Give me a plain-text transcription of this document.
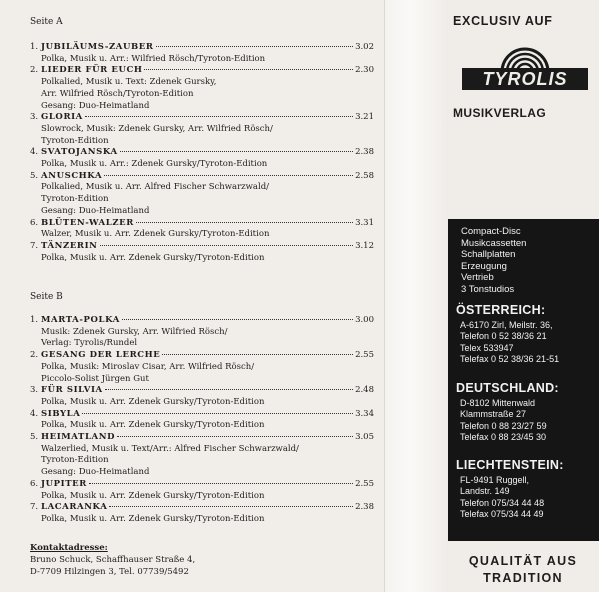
Seite A
1. JUBILÄUMS-ZAUBER	3.02
Polka, Musik u. Arr.: Wilfried Rösch/Tyroton-Edition
2. LIEDER FÜR EUCH	2.30
Polkalied, Musik u. Text: Zdenek Gursky,
Arr. Wilfried Rösch/Tyroton-Edition
Gesang: Duo-Heimatland
3. GLORIA	3.21
Slowrock, Musik: Zdenek Gursky, Arr. Wilfried Rösch/
Tyroton-Edition
4. SVATOJANSKA	2.38
Polka, Musik u. Arr.: Zdenek Gursky/Tyroton-Edition
5. ANUSCHKA	2.58
Polkalied, Musik u. Arr. Alfred Fischer Schwarzwald/
Tyroton-Edition
Gesang: Duo-Heimatland
6. BLÜTEN-WALZER	3.31
Walzer, Musik u. Arr. Zdenek Gursky/Tyroton-Edition
7. TÄNZERIN	3.12
Polka, Musik u. Arr. Zdenek Gursky/Tyroton-Edition
Seite B
1. MARTA-POLKA	3.00
Musik: Zdenek Gursky, Arr. Wilfried Rösch/
Verlag: Tyrolis/Rundel
2. GESANG DER LERCHE	2.55
Polka, Musik: Miroslav Cisar, Arr. Wilfried Rösch/
Piccolo-Solist Jürgen Gut
3. FÜR SILVIA	2.48
Polka, Musik u. Arr. Zdenek Gursky/Tyroton-Edition
4. SIBYLA	3.34
Polka, Musik u. Arr. Zdenek Gursky/Tyroton-Edition
5. HEIMATLAND	3.05
Walzerlied, Musik u. Text/Arr.: Alfred Fischer Schwarzwald/
Tyroton-Edition
Gesang: Duo-Heimatland
6. JUPITER	2.55
Polka, Musik u. Arr. Zdenek Gursky/Tyroton-Edition
7. LACARANKA	2.38
Polka, Musik u. Arr. Zdenek Gursky/Tyroton-Edition
Kontaktadresse:
Bruno Schuck, Schaffhauser Straße 4,
D-7709 Hilzingen 3, Tel. 07739/5492
EXCLUSIV AUF
TYROLIS
MUSIKVERLAG
Compact-Disc
Musikcassetten
Schallplatten
Erzeugung
Vertrieb
3 Tonstudios
ÖSTERREICH:
A-6170 Zirl, Meilstr. 36,
Telefon 0 52 38/36 21
Telex 533947
Telefax 0 52 38/36 21-51
DEUTSCHLAND:
D-8102 Mittenwald
Klammstraße 27
Telefon 0 88 23/27 59
Telefax 0 88 23/45 30
LIECHTENSTEIN:
FL-9491 Ruggell,
Landstr. 149
Telefon 075/34 44 48
Telefax 075/34 44 49
QUALITÄT AUS
TRADITION
